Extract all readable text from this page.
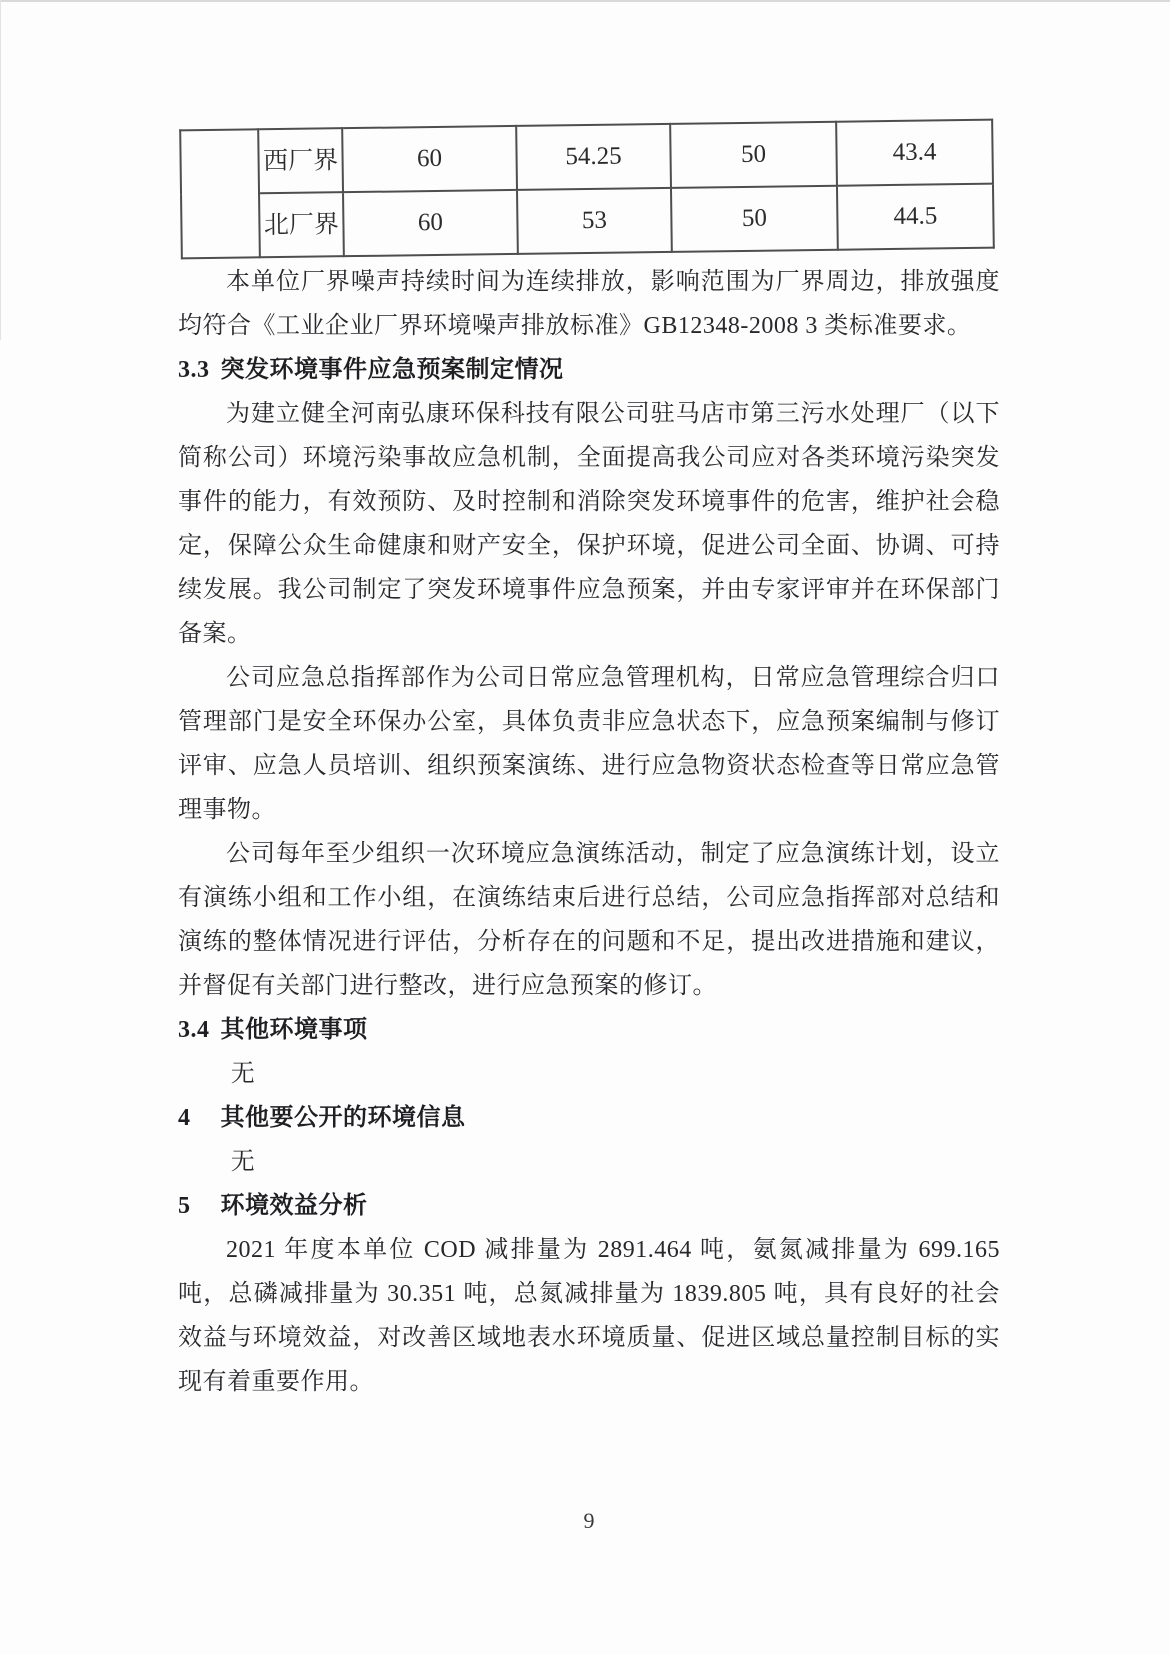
	西厂界	60	54.25	50	43.4
	北厂界	60	53	50	44.5

本单位厂界噪声持续时间为连续排放，影响范围为厂界周边，排放强度均符合《工业企业厂界环境噪声排放标准》GB12348-2008 3 类标准要求。

3.3 突发环境事件应急预案制定情况

为建立健全河南弘康环保科技有限公司驻马店市第三污水处理厂（以下简称公司）环境污染事故应急机制，全面提高我公司应对各类环境污染突发事件的能力，有效预防、及时控制和消除突发环境事件的危害，维护社会稳定，保障公众生命健康和财产安全，保护环境，促进公司全面、协调、可持续发展。我公司制定了突发环境事件应急预案，并由专家评审并在环保部门备案。

公司应急总指挥部作为公司日常应急管理机构，日常应急管理综合归口管理部门是安全环保办公室，具体负责非应急状态下，应急预案编制与修订评审、应急人员培训、组织预案演练、进行应急物资状态检查等日常应急管理事物。

公司每年至少组织一次环境应急演练活动，制定了应急演练计划，设立有演练小组和工作小组，在演练结束后进行总结，公司应急指挥部对总结和演练的整体情况进行评估，分析存在的问题和不足，提出改进措施和建议，并督促有关部门进行整改，进行应急预案的修订。

3.4 其他环境事项

无

4 其他要公开的环境信息

无

5 环境效益分析

2021 年度本单位 COD 减排量为 2891.464 吨，氨氮减排量为 699.165 吨，总磷减排量为 30.351 吨，总氮减排量为 1839.805 吨，具有良好的社会效益与环境效益，对改善区域地表水环境质量、促进区域总量控制目标的实现有着重要作用。

9
